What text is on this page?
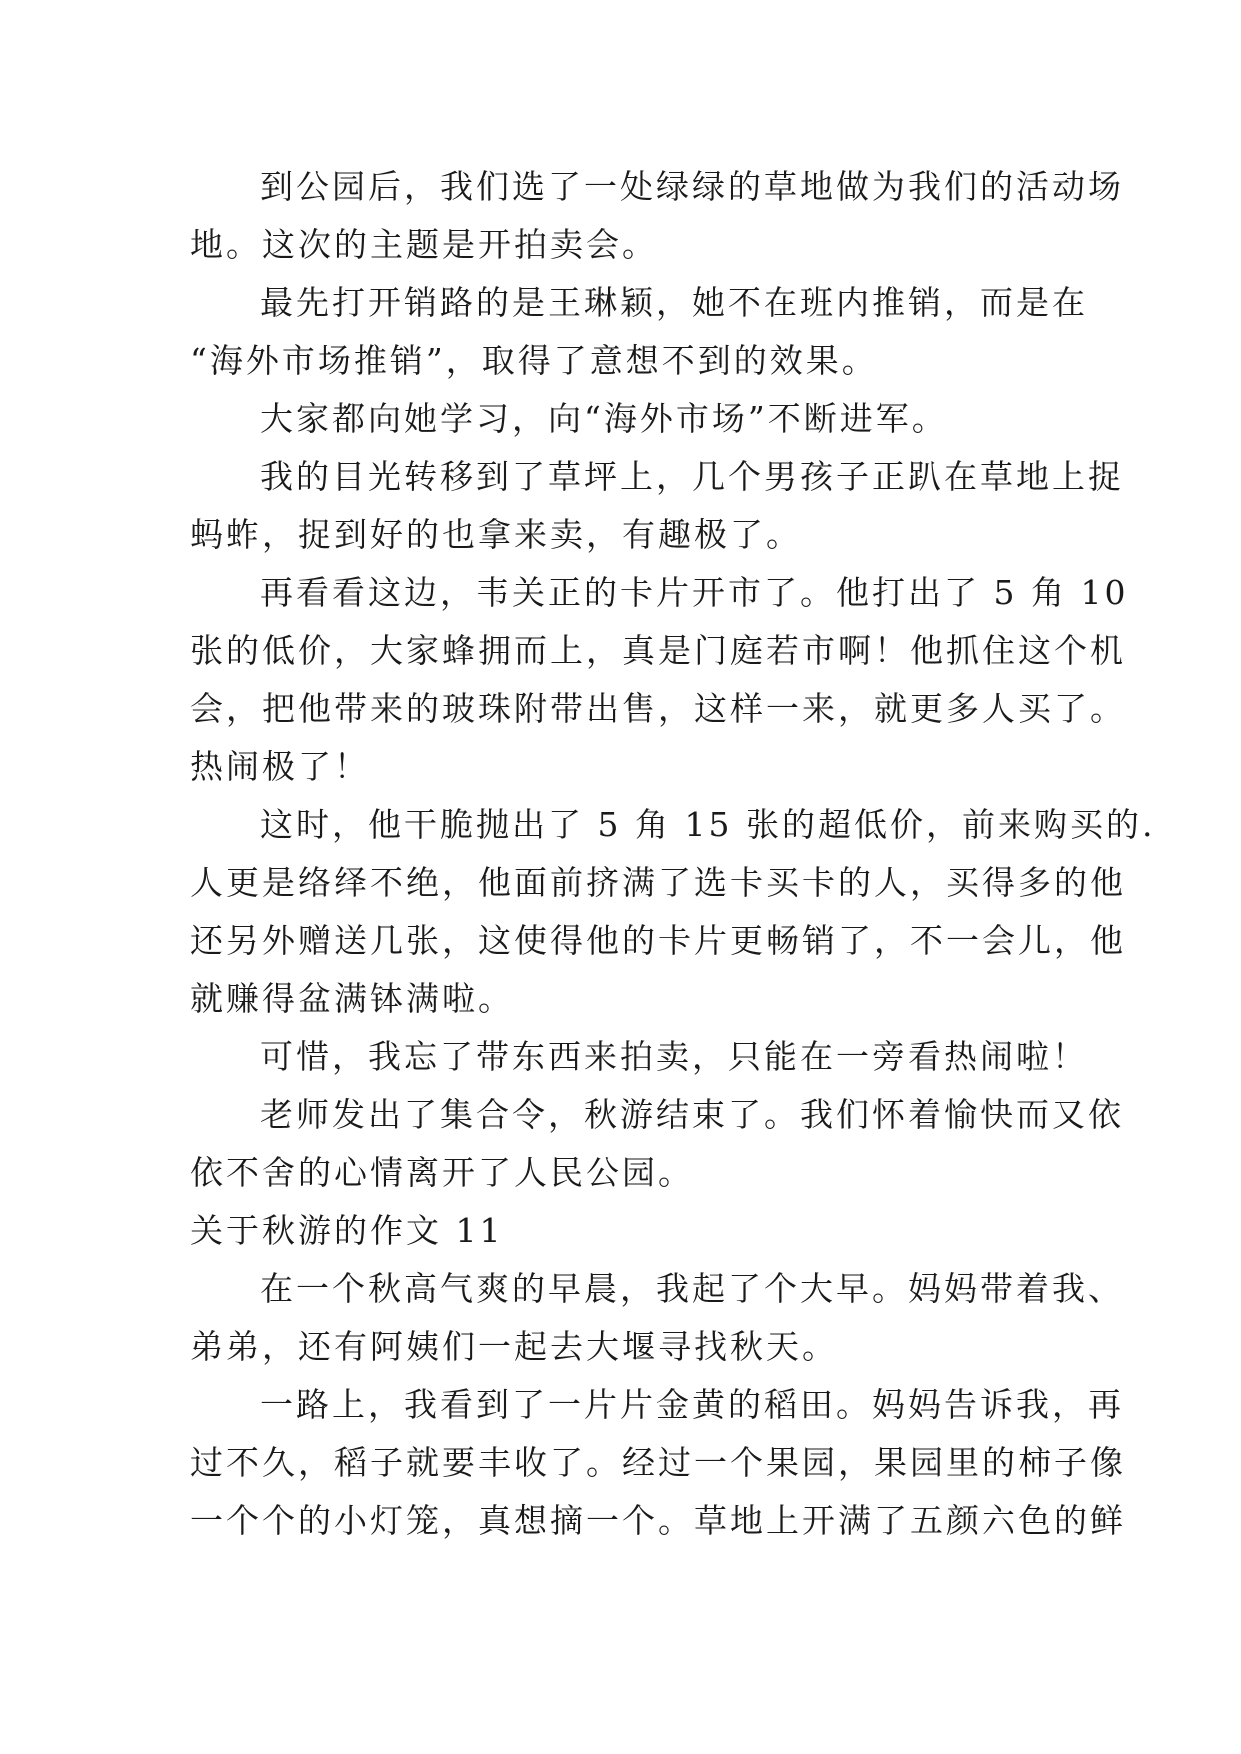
到公园后，我们选了一处绿绿的草地做为我们的活动场
地。这次的主题是开拍卖会。
最先打开销路的是王琳颖，她不在班内推销，而是在
“海外市场推销”，取得了意想不到的效果。
大家都向她学习，向“海外市场”不断进军。
我的目光转移到了草坪上，几个男孩子正趴在草地上捉
蚂蚱，捉到好的也拿来卖，有趣极了。
再看看这边，韦关正的卡片开市了。他打出了 5 角 10
张的低价，大家蜂拥而上，真是门庭若市啊！他抓住这个机
会，把他带来的玻珠附带出售，这样一来，就更多人买了。
热闹极了！
这时，他干脆抛出了 5 角 15 张的超低价，前来购买的.
人更是络绎不绝，他面前挤满了选卡买卡的人，买得多的他
还另外赠送几张，这使得他的卡片更畅销了，不一会儿，他
就赚得盆满钵满啦。
可惜，我忘了带东西来拍卖，只能在一旁看热闹啦！
老师发出了集合令，秋游结束了。我们怀着愉快而又依
依不舍的心情离开了人民公园。
关于秋游的作文 11
在一个秋高气爽的早晨，我起了个大早。妈妈带着我、
弟弟，还有阿姨们一起去大堰寻找秋天。
一路上，我看到了一片片金黄的稻田。妈妈告诉我，再
过不久，稻子就要丰收了。经过一个果园，果园里的柿子像
一个个的小灯笼，真想摘一个。草地上开满了五颜六色的鲜
